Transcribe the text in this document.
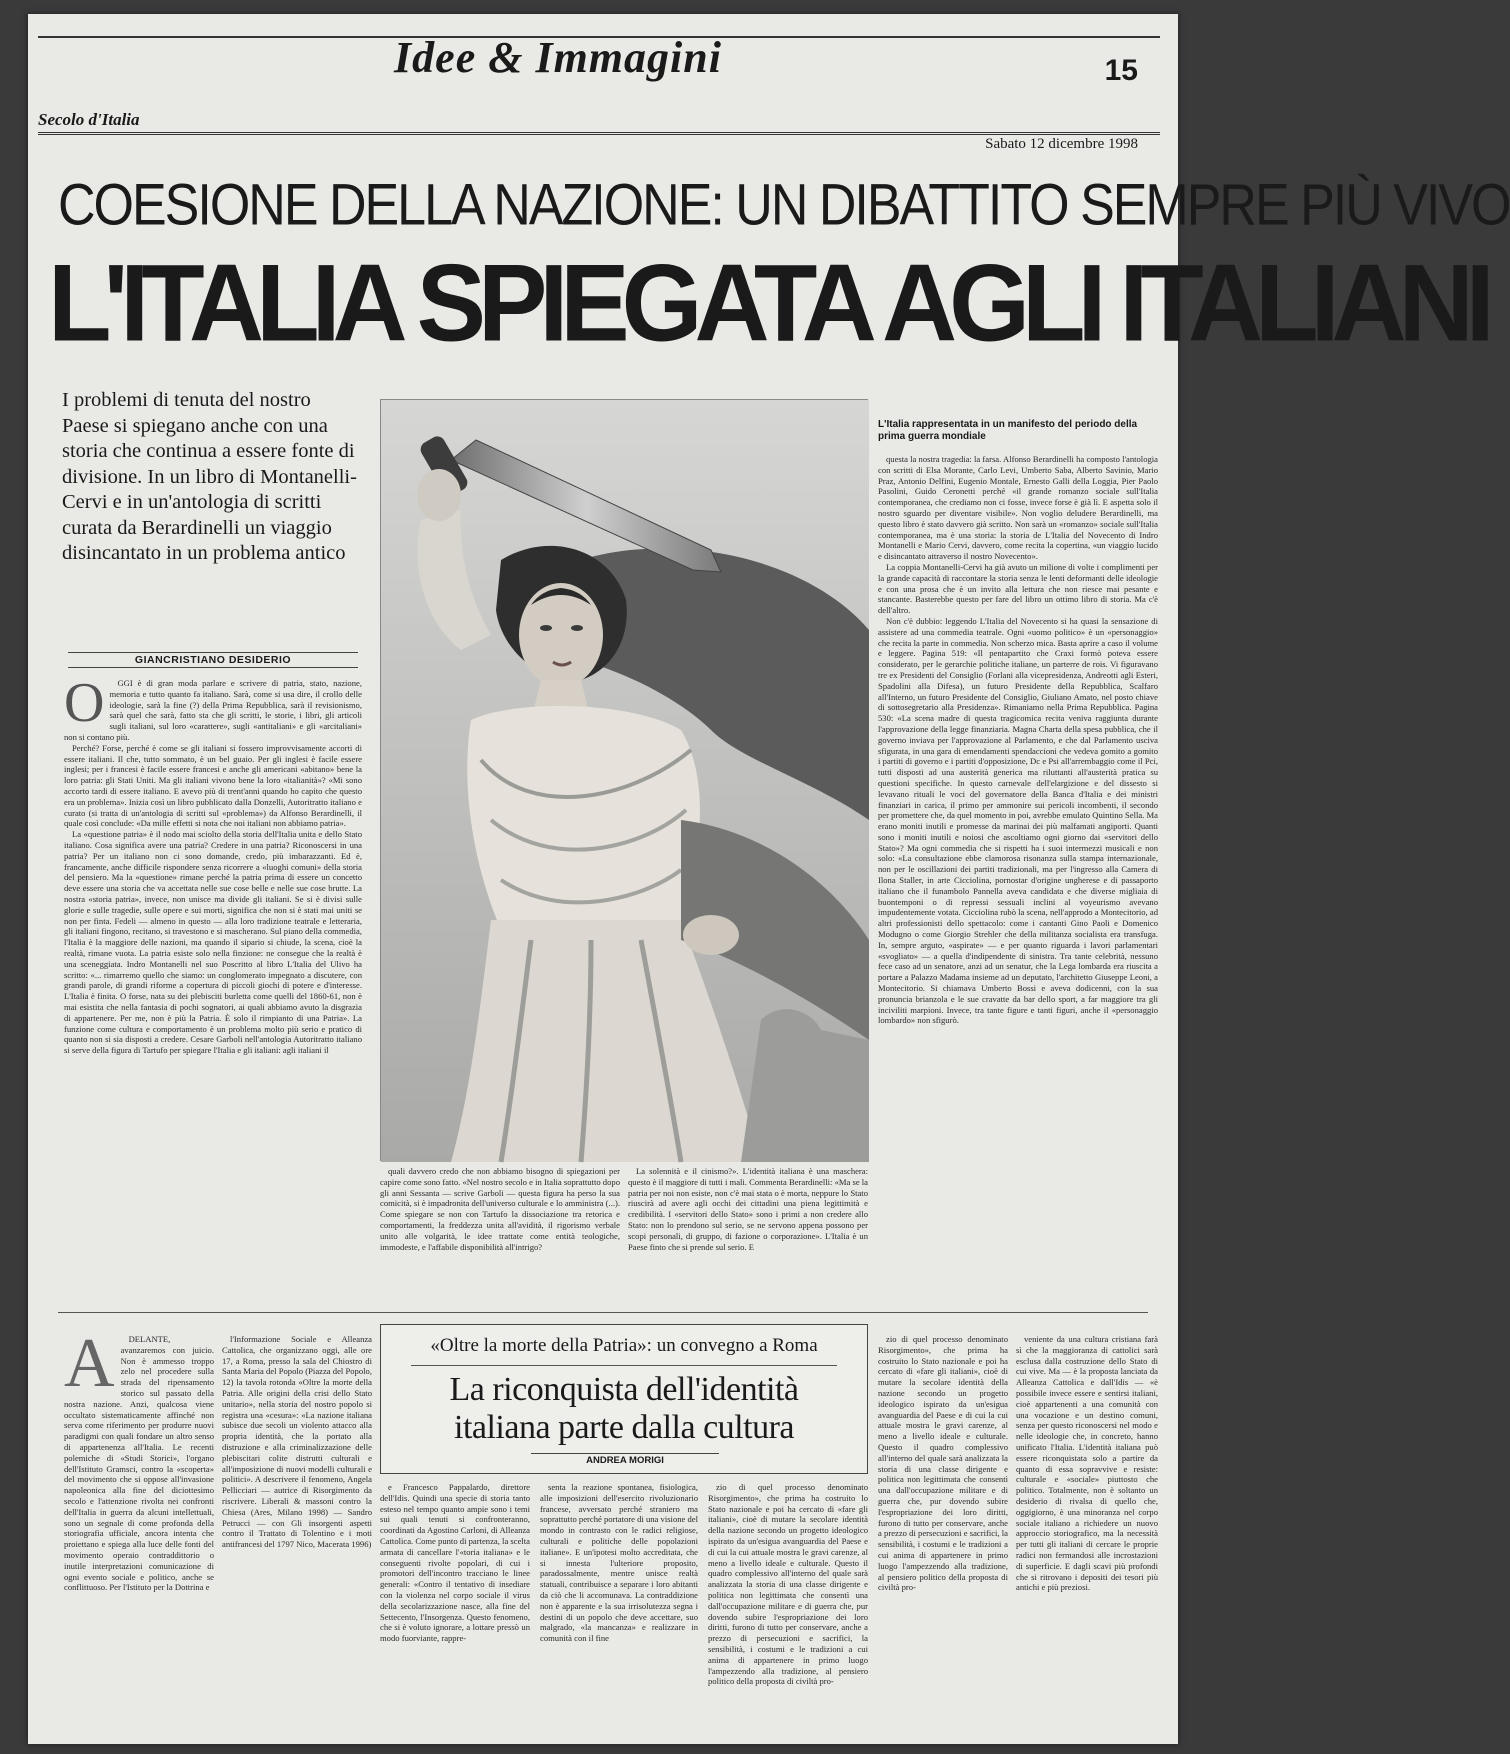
Idee & Immagini	15
Secolo d'Italia
Sabato 12 dicembre 1998
COESIONE DELLA NAZIONE: UN DIBATTITO SEMPRE PIÙ VIVO
L'ITALIA SPIEGATA AGLI ITALIANI
I problemi di tenuta del nostro Paese si spiegano anche con una storia che continua a essere fonte di divisione. In un libro di Montanelli-Cervi e in un'antologia di scritti curata da Berardinelli un viaggio disincantato in un problema antico
GIANCRISTIANO DESIDERIO
O	GGI è di gran moda parlare e scrivere di patria, stato, nazione, memoria e tutto quanto fa italiano. Sarà, come si usa dire, il crollo delle ideologie, sarà la fine (?) della Prima Repubblica, sarà il revisionismo, sarà quel che sarà, fatto sta che gli scritti, le storie, i libri, gli articoli sugli italiani, sul loro «carattere», sugli «antitaliani» e gli «arcitaliani» non si contano più.

Perché? Forse, perché è come se gli italiani si fossero improvvisamente accorti di essere italiani. Il che, tutto sommato, è un bel guaio. Per gli inglesi è facile essere inglesi; per i francesi è facile essere francesi e anche gli americani «abitano» bene la loro patria: gli Stati Uniti. Ma gli italiani vivono bene la loro «italianità»? «Mi sono accorto tardi di essere italiano. E avevo più di trent'anni quando ho capito che questo era un problema». Inizia così un libro pubblicato dalla Donzelli, Autoritratto italiano e curato (si tratta di un'antologia di scritti sul «problema») da Alfonso Berardinelli, il quale così conclude: «Da mille effetti si nota che noi italiani non abbiamo patria».

La «questione patria» è il nodo mai sciolto della storia dell'Italia unita e dello Stato italiano. Cosa significa avere una patria? Credere in una patria? Riconoscersi in una patria? Per un italiano non ci sono domande, credo, più imbarazzanti. Ed è, francamente, anche difficile rispondere senza ricorrere a «luoghi comuni» della storia del pensiero. Ma la «questione» rimane perché la patria prima di essere un concetto deve essere una storia che va accettata nelle sue cose belle e nelle sue cose brutte. La nostra «storia patria», invece, non unisce ma divide gli italiani. Se si è divisi sulle glorie e sulle tragedie, sulle opere e sui morti, significa che non si è stati mai uniti se non per finta. Fedeli — almeno in questo — alla loro tradizione teatrale e letteraria, gli italiani fingono, recitano, si travestono e si mascherano. Sul piano della commedia, l'Italia è la maggiore delle nazioni, ma quando il sipario si chiude, la scena, cioè la realtà, rimane vuota. La patria esiste solo nella finzione: ne consegue che la realtà è una sceneggiata. Indro Montanelli nel suo Poscritto al libro L'Italia del Ulivo ha scritto: «... rimarremo quello che siamo: un conglomerato impegnato a discutere, con grandi parole, di grandi riforme a copertura di piccoli giochi di potere e d'interesse. L'Italia è finita. O forse, nata su dei plebisciti burletta come quelli del 1860-61, non è mai esistita che nella fantasia di pochi sognatori, ai quali abbiamo avuto la disgrazia di appartenere. Per me, non è più la Patria. È solo il rimpianto di una Patria». La funzione come cultura e comportamento è un problema molto più serio e pratico di quanto non si sia disposti a credere. Cesare Garboli nell'antologia Autoritratto italiano si serve della figura di Tartufo per spiegare l'Italia e gli italiani: agli italiani il

L'Italia rappresentata in un manifesto del periodo della prima guerra mondiale

quali davvero credo che non abbiamo bisogno di spiegazioni per capire come sono fatto. «Nel nostro secolo e in Italia soprattutto dopo gli anni Sessanta — scrive Garboli — questa figura ha perso la sua comicità, si è impadronita dell'universo culturale e lo amministra (...). Come spiegare se non con Tartufo la dissociazione tra retorica e comportamenti, la freddezza unita all'avidità, il rigorismo verbale unito alle volgarità, le idee trattate come entità teologiche, immodeste, e l'affabile disponibilità all'intrigo?

La solennità e il cinismo?». L'identità italiana è una maschera: questo è il maggiore di tutti i mali. Commenta Berardinelli: «Ma se la patria per noi non esiste, non c'è mai stata o è morta, neppure lo Stato riuscirà ad avere agli occhi dei cittadini una piena legittimità e credibilità. I «servitori dello Stato» sono i primi a non credere allo Stato: non lo prendono sul serio, se ne servono appena possono per scopi personali, di gruppo, di fazione o corporazione». L'Italia è un Paese finto che si prende sul serio. E

questa la nostra tragedia: la farsa. Alfonso Berardinelli ha composto l'antologia con scritti di Elsa Morante, Carlo Levi, Umberto Saba, Alberto Savinio, Mario Praz, Antonio Delfini, Eugenio Montale, Ernesto Galli della Loggia, Pier Paolo Pasolini, Guido Ceronetti perché «il grande romanzo sociale sull'Italia contemporanea, che crediamo non ci fosse, invece forse è già lì. E aspetta solo il nostro sguardo per diventare visibile». Non voglio deludere Berardinelli, ma questo libro è stato davvero già scritto. Non sarà un «romanzo» sociale sull'Italia contemporanea, ma è una storia: la storia de L'Italia del Novecento di Indro Montanelli e Mario Cervi, davvero, come recita la copertina, «un viaggio lucido e disincantato attraverso il nostro Novecento».

La coppia Montanelli-Cervi ha già avuto un milione di volte i complimenti per la grande capacità di raccontare la storia senza le lenti deformanti delle ideologie e con una prosa che è un invito alla lettura che non riesce mai pesante e stancante. Basterebbe questo per fare del libro un ottimo libro di storia. Ma c'è dell'altro.

Non c'è dubbio: leggendo L'Italia del Novecento si ha quasi la sensazione di assistere ad una commedia teatrale. Ogni «uomo politico» è un «personaggio» che recita la parte in commedia. Non scherzo mica. Basta aprire a caso il volume e leggere. Pagina 519: «Il pentapartito che Craxi formò poteva essere considerato, per le gerarchie politiche italiane, un parterre de rois. Vi figuravano tre ex Presidenti del Consiglio (Forlani alla vicepresidenza, Andreotti agli Esteri, Spadolini alla Difesa), un futuro Presidente della Repubblica, Scalfaro all'Interno, un futuro Presidente del Consiglio, Giuliano Amato, nel posto chiave di sottosegretario alla Presidenza». Rimaniamo nella Prima Repubblica. Pagina 530: «La scena madre di questa tragicomica recita veniva raggiunta durante l'approvazione della legge finanziaria. Magna Charta della spesa pubblica, che il governo inviava per l'approvazione al Parlamento, e che dal Parlamento usciva sfigurata, in una gara di emendamenti spendaccioni che vedeva gomito a gomito i partiti di governo e i partiti d'opposizione, Dc e Psi all'arrembaggio come il Pci, tutti disposti ad una austerità generica ma riluttanti all'austerità pratica su questioni specifiche. In questo carnevale dell'elargizione e del dissesto si levavano rituali le voci del governatore della Banca d'Italia e dei ministri finanziari in carica, il primo per ammonire sui pericoli incombenti, il secondo per promettere che, da quel momento in poi, avrebbe emulato Quintino Sella. Ma erano moniti inutili e promesse da marinai dei più malfamati angiporti. Quanti sono i moniti inutili e noiosi che ascoltiamo ogni giorno dai «servitori dello Stato»? Ma ogni commedia che si rispetti ha i suoi intermezzi musicali e non solo: «La consultazione ebbe clamorosa risonanza sulla stampa internazionale, non per le oscillazioni dei partiti tradizionali, ma per l'ingresso alla Camera di Ilona Staller, in arte Cicciolina, pornostar d'origine ungherese e di passaporto italiano che il funambolo Pannella aveva candidata e che diverse migliaia di buontemponi o di repressi sessuali inclini al voyeurismo avevano impudentemente votata. Cicciolina rubò la scena, nell'approdo a Montecitorio, ad altri professionisti dello spettacolo: come i cantanti Gino Paoli e Domenico Modugno o come Giorgio Strehler che della militanza socialista era transfuga. In, sempre arguto, «aspirate» — e per quanto riguarda i lavori parlamentari «svogliato» — a quella d'indipendente di sinistra. Tra tante celebrità, nessuno fece caso ad un senatore, anzi ad un senatur, che la Lega lombarda era riuscita a portare a Palazzo Madama insieme ad un deputato, l'architetto Giuseppe Leoni, a Montecitorio. Si chiamava Umberto Bossi e aveva dodicenni, con la sua pronuncia brianzola e le sue cravatte da bar dello sport, a far maggiore tra gli inciviliti marpioni. Invece, tra tante figure e tanti figuri, anche il «personaggio lombardo» non sfigurò.

«Oltre la morte della Patria»: un convegno a Roma
La riconquista dell'identità
italiana parte dalla cultura
ANDREA MORIGI
A	DELANTE, avanzaremos con juicio. Non è ammesso troppo zelo nel procedere sulla strada del ripensamento storico sul passato della nostra nazione. Anzi, qualcosa viene occultato sistematicamente affinché non serva come riferimento per produrre nuovi paradigmi con quali fondare un altro senso di appartenenza all'Italia. Le recenti polemiche di «Studi Storici», l'organo dell'Istituto Gramsci, contro la «scoperta» del movimento che si oppose all'invasione napoleonica alla fine del diciottesimo secolo e l'attenzione rivolta nei confronti dell'Italia in guerra da alcuni intellettuali, sono un segnale di come profonda della storiografia ufficiale, ancora intenta che proiettano e spiega alla luce delle fonti del movimento operaio contraddittorio o inutile interpretazioni comunicazione di ogni evento sociale e politico, anche se conflittuoso. Per l'Istituto per la Dottrina e

l'Informazione Sociale e Alleanza Cattolica, che organizzano oggi, alle ore 17, a Roma, presso la sala del Chiostro di Santa Maria del Popolo (Piazza del Popolo, 12) la tavola rotonda «Oltre la morte della Patria. Alle origini della crisi dello Stato unitario», nella storia del nostro popolo si registra una «cesura»: «La nazione italiana subisce due secoli un violento attacco alla propria identità, che la portato alla distruzione e alla criminalizzazione delle plebiscitari colite distrutti culturali e all'imposizione di nuovi modelli culturali e politici». A descrivere il fenomeno, Angela Pellicciari — autrice di Risorgimento da riscrivere. Liberali & massoni contro la Chiesa (Ares, Milano 1998) — Sandro Petrucci — con Gli insorgenti aspetti contro il Trattato di Tolentino e i moti antifrancesi del 1797 Nico, Macerata 1996)

e Francesco Pappalardo, direttore dell'Idis. Quindi una specie di storia tanto esteso nel tempo quanto ampie sono i temi sui quali tenuti si confronteranno, coordinati da Agostino Carloni, di Alleanza Cattolica. Come punto di partenza, la scelta armata di cancellare l'«toria italiana» e le conseguenti rivolte popolari, di cui i promotori dell'incontro tracciano le linee generali: «Contro il tentativo di insediare con la violenza nel corpo sociale il virus della secolarizzazione nasce, alla fine del Settecento, l'Insorgenza. Questo fenomeno, che si è voluto ignorare, a lottare pressò un modo fuorviante, rappre-

senta la reazione spontanea, fisiologica, alle imposizioni dell'esercito rivoluzionario francese, avversato perché straniero ma soprattutto perché portatore di una visione del mondo in contrasto con le radici religiose, culturali e politiche delle popolazioni italiane». E un'ipotesi molto accreditata, che si innesta l'ulteriore proposito, paradossalmente, mentre unisce realtà statuali, contribuisce a separare i loro abitanti da ciò che li accomunava. La contraddizione non è apparente e la sua irrisolutezza segna i destini di un popolo che deve accettare, suo malgrado, «la mancanza» e realizzare in comunità con il fine

zio di quel processo denominato Risorgimento», che prima ha costruito lo Stato nazionale e poi ha cercato di «fare gli italiani», cioè di mutare la secolare identità della nazione secondo un progetto ideologico ispirato da un'esigua avanguardia del Paese e di cui la cui attuale mostra le gravi carenze, al meno a livello ideale e culturale. Questo il quadro complessivo all'interno del quale sarà analizzata la storia di una classe dirigente e politica non legittimata che consentì una dall'occupazione militare e di guerra che, pur dovendo subire l'espropriazione dei loro diritti, furono di tutto per conservare, anche a prezzo di persecuzioni e sacrifici, la sensibilità, i costumi e le tradizioni a cui anima di appartenere in primo luogo l'ampezzendo alla tradizione, al pensiero politico della proposta di civiltà pro-

zio di quel processo denominato Risorgimento», che prima ha costruito lo Stato nazionale e poi ha cercato di «fare gli italiani», cioè di mutare la secolare identità della nazione secondo un progetto ideologico ispirato da un'esigua avanguardia del Paese e di cui la cui attuale mostra le gravi carenze, al meno a livello ideale e culturale. Questo il quadro complessivo all'interno del quale sarà analizzata la storia di una classe dirigente e politica non legittimata che consentì una dall'occupazione militare e di guerra che, pur dovendo subire l'espropriazione dei loro diritti, furono di tutto per conservare, anche a prezzo di persecuzioni e sacrifici, la sensibilità, i costumi e le tradizioni a cui anima di appartenere in primo luogo l'ampezzendo alla tradizione, al pensiero politico della proposta di civiltà pro-

veniente da una cultura cristiana farà sì che la maggioranza di cattolici sarà esclusa dalla costruzione dello Stato di cui vive. Ma — è la proposta lanciata da Alleanza Cattolica e dall'Idis — «è possibile invece essere e sentirsi italiani, cioè appartenenti a una comunità con una vocazione e un destino comuni, senza per questo riconoscersi nel modo e nelle ideologie che, in concreto, hanno unificato l'Italia. L'identità italiana può essere riconquistata solo a partire da quanto di essa sopravvive e resiste: culturale e «sociale» piuttosto che politico. Totalmente, non è soltanto un desiderio di rivalsa di quello che, oggigiorno, è una minoranza nel corpo sociale italiano a richiedere un nuovo approccio storiografico, ma la necessità per tutti gli italiani di cercare le proprie radici non fermandosi alle incrostazioni di superficie. E dagli scavi più profondi che si ritrovano i depositi dei tesori più antichi e più preziosi.
